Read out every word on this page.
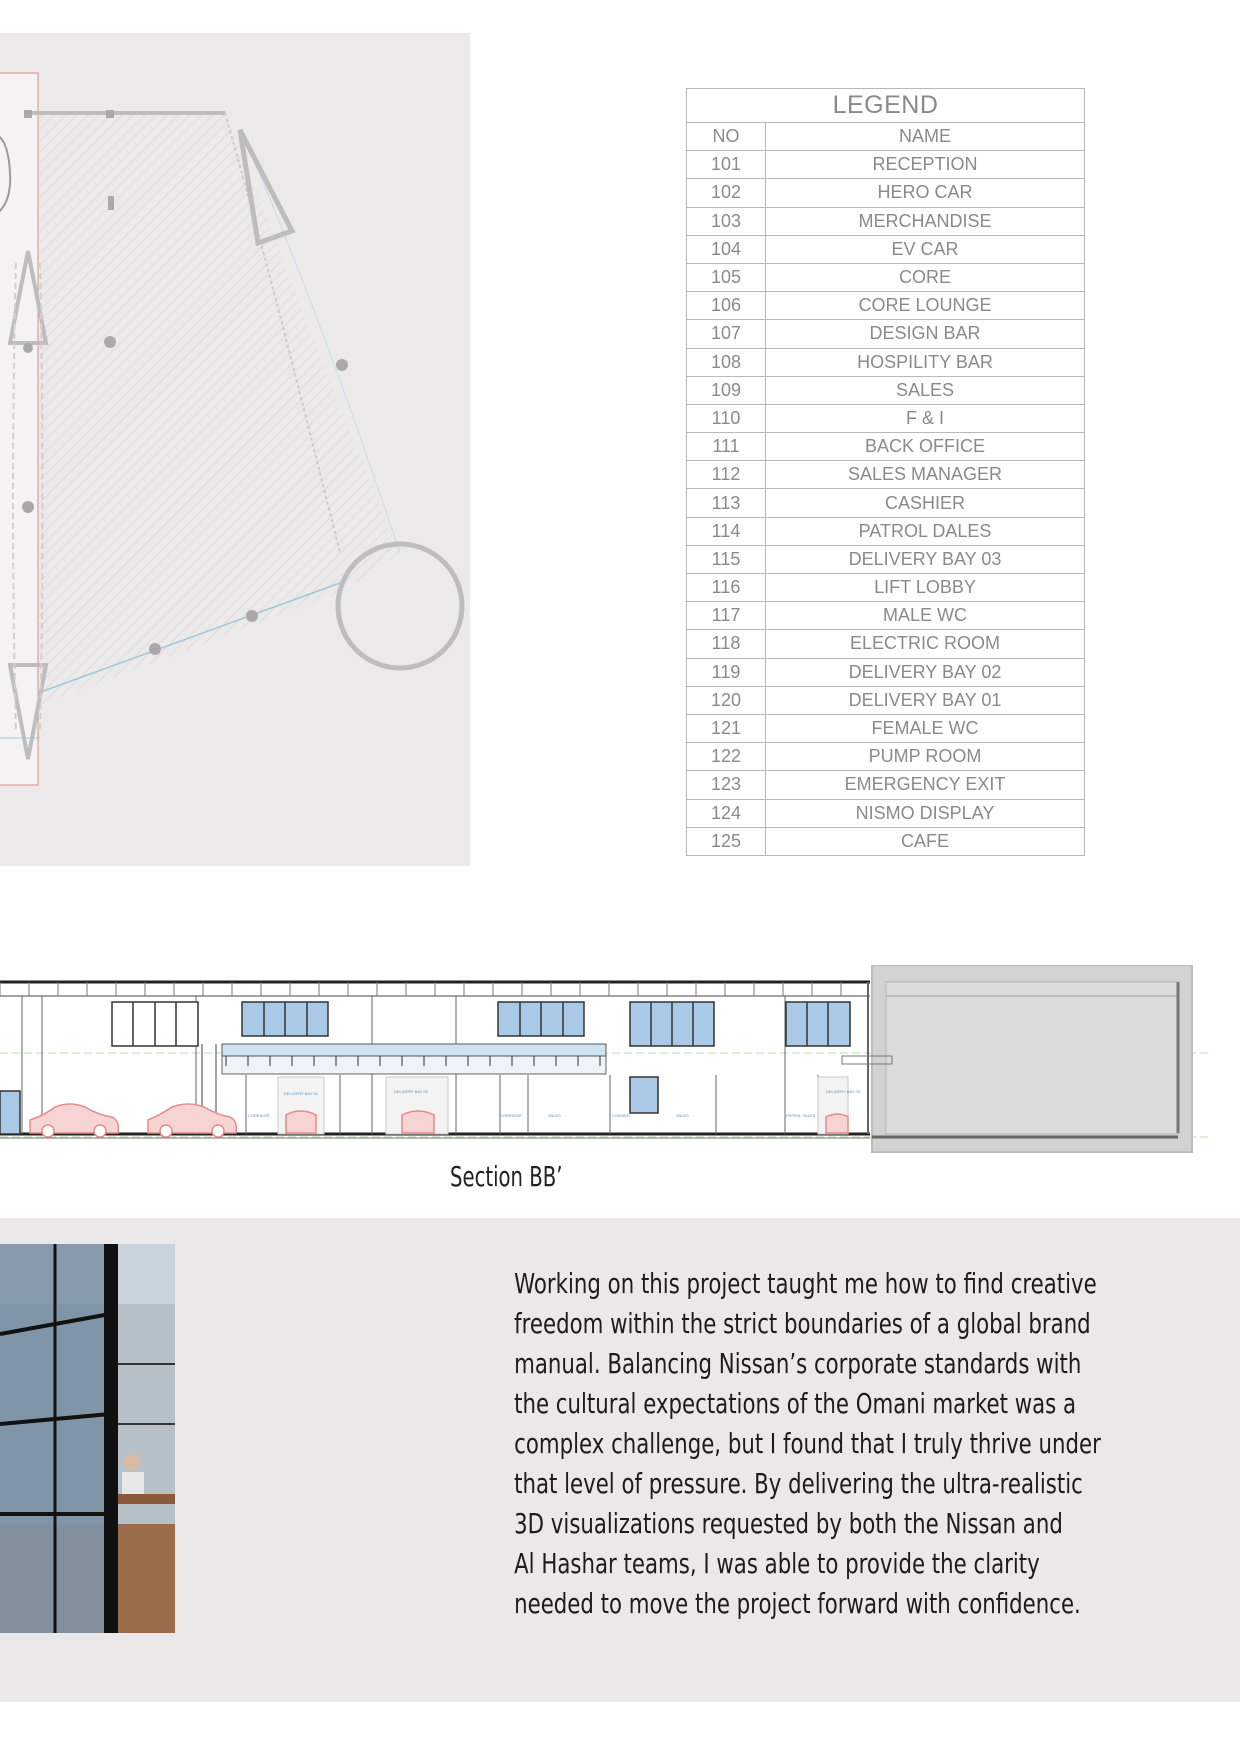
LEGEND	
NO	NAME
101	RECEPTION
102	HERO CAR
103	MERCHANDISE
104	EV CAR
105	CORE
106	CORE LOUNGE
107	DESIGN BAR
108	HOSPILITY BAR
109	SALES
110	F & I
111	BACK OFFICE
112	SALES MANAGER
113	CASHIER
114	PATROL DALES
115	DELIVERY BAY 03
116	LIFT LOBBY
117	MALE WC
118	ELECTRIC ROOM
119	DELIVERY BAY 02
120	DELIVERY BAY 01
121	FEMALE WC
122	PUMP ROOM
123	EMERGENCY EXIT
124	NISMO DISPLAY
125	CAFE
CORRIDOR
DELIVERY BAY 01	DELIVERY BAY 02
CORRIDOR	SALES	CASHIER	SALES	PATROL SALES
DELIVERY BAY 03
Section BB’
Working on this project taught me how to find creative
freedom within the strict boundaries of a global brand
manual. Balancing Nissan’s corporate standards with
the cultural expectations of the Omani market was a
complex challenge, but I found that I truly thrive under
that level of pressure. By delivering the ultra-realistic
3D visualizations requested by both the Nissan and
Al Hashar teams, I was able to provide the clarity
needed to move the project forward with confidence.
